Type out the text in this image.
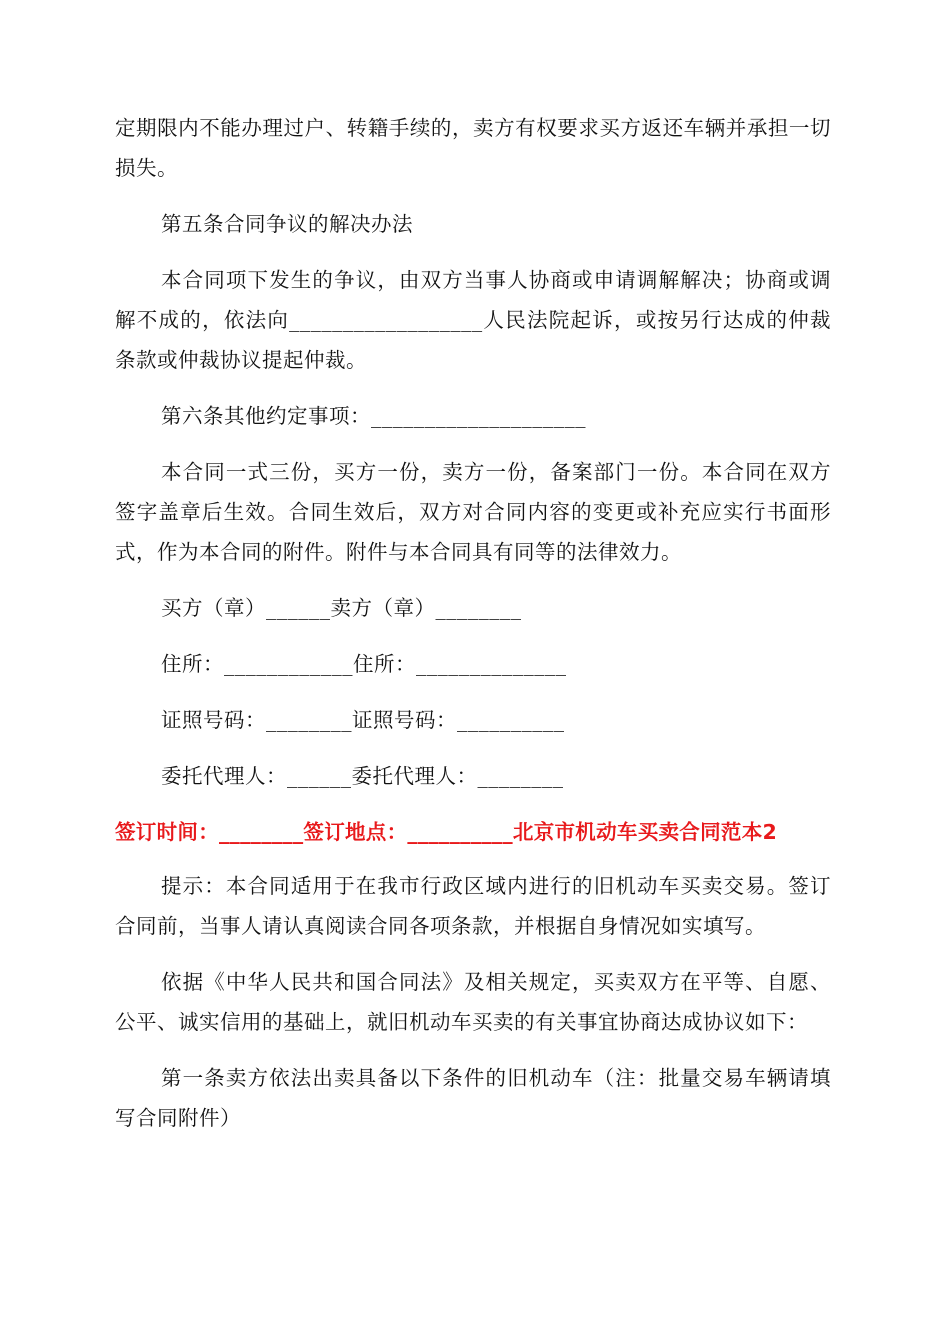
定期限内不能办理过户、转籍手续的，卖方有权要求买方返还车辆并承担一切损失。

第五条合同争议的解决办法

本合同项下发生的争议，由双方当事人协商或申请调解解决；协商或调解不成的，依法向__________________人民法院起诉，或按另行达成的仲裁条款或仲裁协议提起仲裁。

第六条其他约定事项：____________________

本合同一式三份，买方一份，卖方一份，备案部门一份。本合同在双方签字盖章后生效。合同生效后，双方对合同内容的变更或补充应实行书面形式，作为本合同的附件。附件与本合同具有同等的法律效力。

买方（章）______卖方（章）________

住所：____________住所：______________

证照号码：________证照号码：__________

委托代理人：______委托代理人：________

签订时间：________签订地点：__________北京市机动车买卖合同范本2

提示：本合同适用于在我市行政区域内进行的旧机动车买卖交易。签订合同前，当事人请认真阅读合同各项条款，并根据自身情况如实填写。

依据《中华人民共和国合同法》及相关规定，买卖双方在平等、自愿、公平、诚实信用的基础上，就旧机动车买卖的有关事宜协商达成协议如下：

第一条卖方依法出卖具备以下条件的旧机动车（注：批量交易车辆请填写合同附件）
